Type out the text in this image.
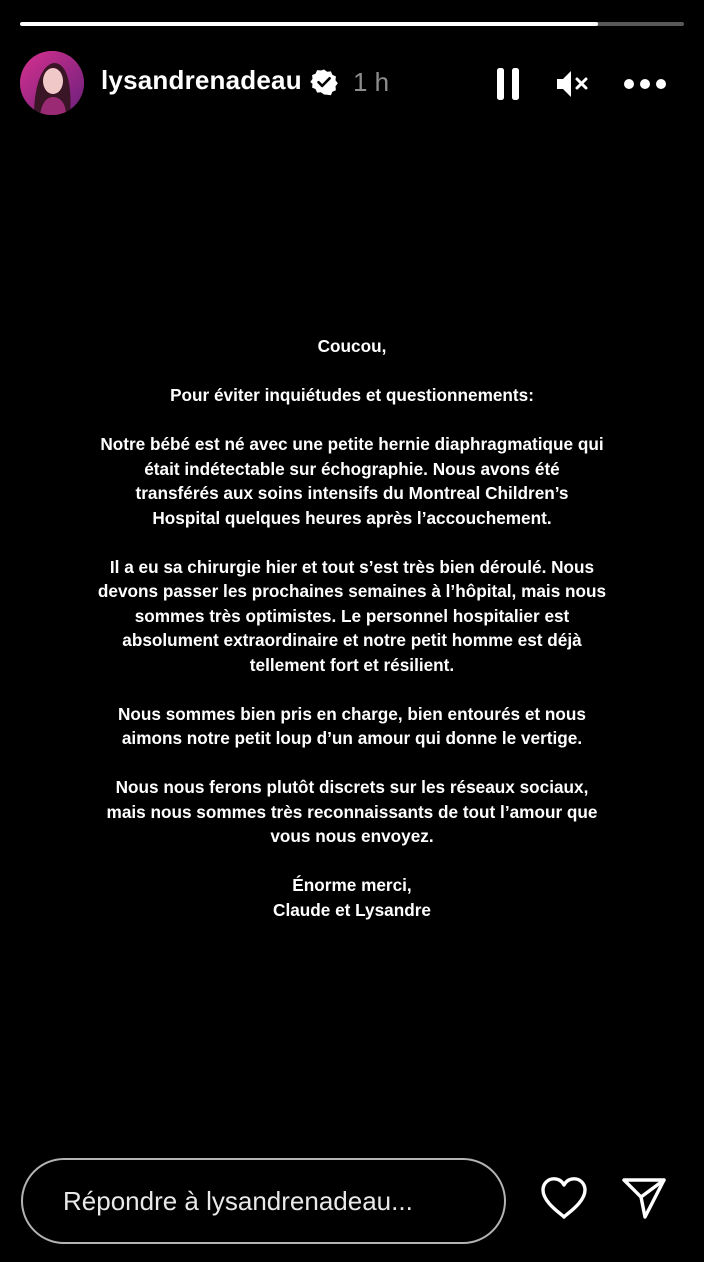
lysandrenadeau 1 h

Coucou,

Pour éviter inquiétudes et questionnements:

Notre bébé est né avec une petite hernie diaphragmatique qui
était indétectable sur échographie. Nous avons été
transférés aux soins intensifs du Montreal Children’s
Hospital quelques heures après l’accouchement.

Il a eu sa chirurgie hier et tout s’est très bien déroulé. Nous
devons passer les prochaines semaines à l’hôpital, mais nous
sommes très optimistes. Le personnel hospitalier est
absolument extraordinaire et notre petit homme est déjà
tellement fort et résilient.

Nous sommes bien pris en charge, bien entourés et nous
aimons notre petit loup d’un amour qui donne le vertige.

Nous nous ferons plutôt discrets sur les réseaux sociaux,
mais nous sommes très reconnaissants de tout l’amour que
vous nous envoyez.

Énorme merci,
Claude et Lysandre

Répondre à lysandrenadeau...
